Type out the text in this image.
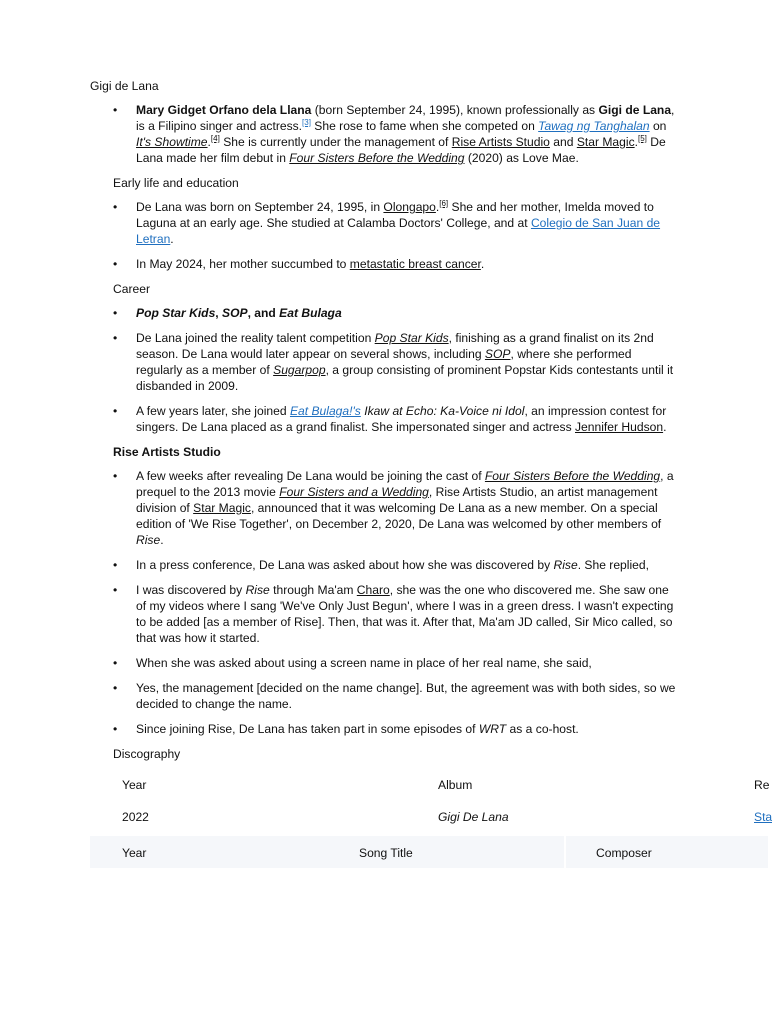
Gigi de Lana
• Mary Gidget Orfano dela Llana (born September 24, 1995), known professionally as Gigi de Lana, is a Filipino singer and actress.[3] She rose to fame when she competed on Tawag ng Tanghalan on It's Showtime.[4] She is currently under the management of Rise Artists Studio and Star Magic.[5] De Lana made her film debut in Four Sisters Before the Wedding (2020) as Love Mae.
Early life and education
• De Lana was born on September 24, 1995, in Olongapo.[6] She and her mother, Imelda moved to Laguna at an early age. She studied at Calamba Doctors' College, and at Colegio de San Juan de Letran.
• In May 2024, her mother succumbed to metastatic breast cancer.
Career
• Pop Star Kids, SOP, and Eat Bulaga
• De Lana joined the reality talent competition Pop Star Kids, finishing as a grand finalist on its 2nd season. De Lana would later appear on several shows, including SOP, where she performed regularly as a member of Sugarpop, a group consisting of prominent Popstar Kids contestants until it disbanded in 2009.
• A few years later, she joined Eat Bulaga!'s Ikaw at Echo: Ka-Voice ni Idol, an impression contest for singers. De Lana placed as a grand finalist. She impersonated singer and actress Jennifer Hudson.
Rise Artists Studio
• A few weeks after revealing De Lana would be joining the cast of Four Sisters Before the Wedding, a prequel to the 2013 movie Four Sisters and a Wedding, Rise Artists Studio, an artist management division of Star Magic, announced that it was welcoming De Lana as a new member. On a special edition of 'We Rise Together', on December 2, 2020, De Lana was welcomed by other members of Rise.
• In a press conference, De Lana was asked about how she was discovered by Rise. She replied,
• I was discovered by Rise through Ma'am Charo, she was the one who discovered me. She saw one of my videos where I sang 'We've Only Just Begun', where I was in a green dress. I wasn't expecting to be added [as a member of Rise]. Then, that was it. After that, Ma'am JD called, Sir Mico called, so that was how it started.
• When she was asked about using a screen name in place of her real name, she said,
• Yes, the management [decided on the name change]. But, the agreement was with both sides, so we decided to change the name.
• Since joining Rise, De Lana has taken part in some episodes of WRT as a co-host.
Discography
Year	Album	Re
2022	Gigi De Lana	Sta
Year	Song Title	Composer
